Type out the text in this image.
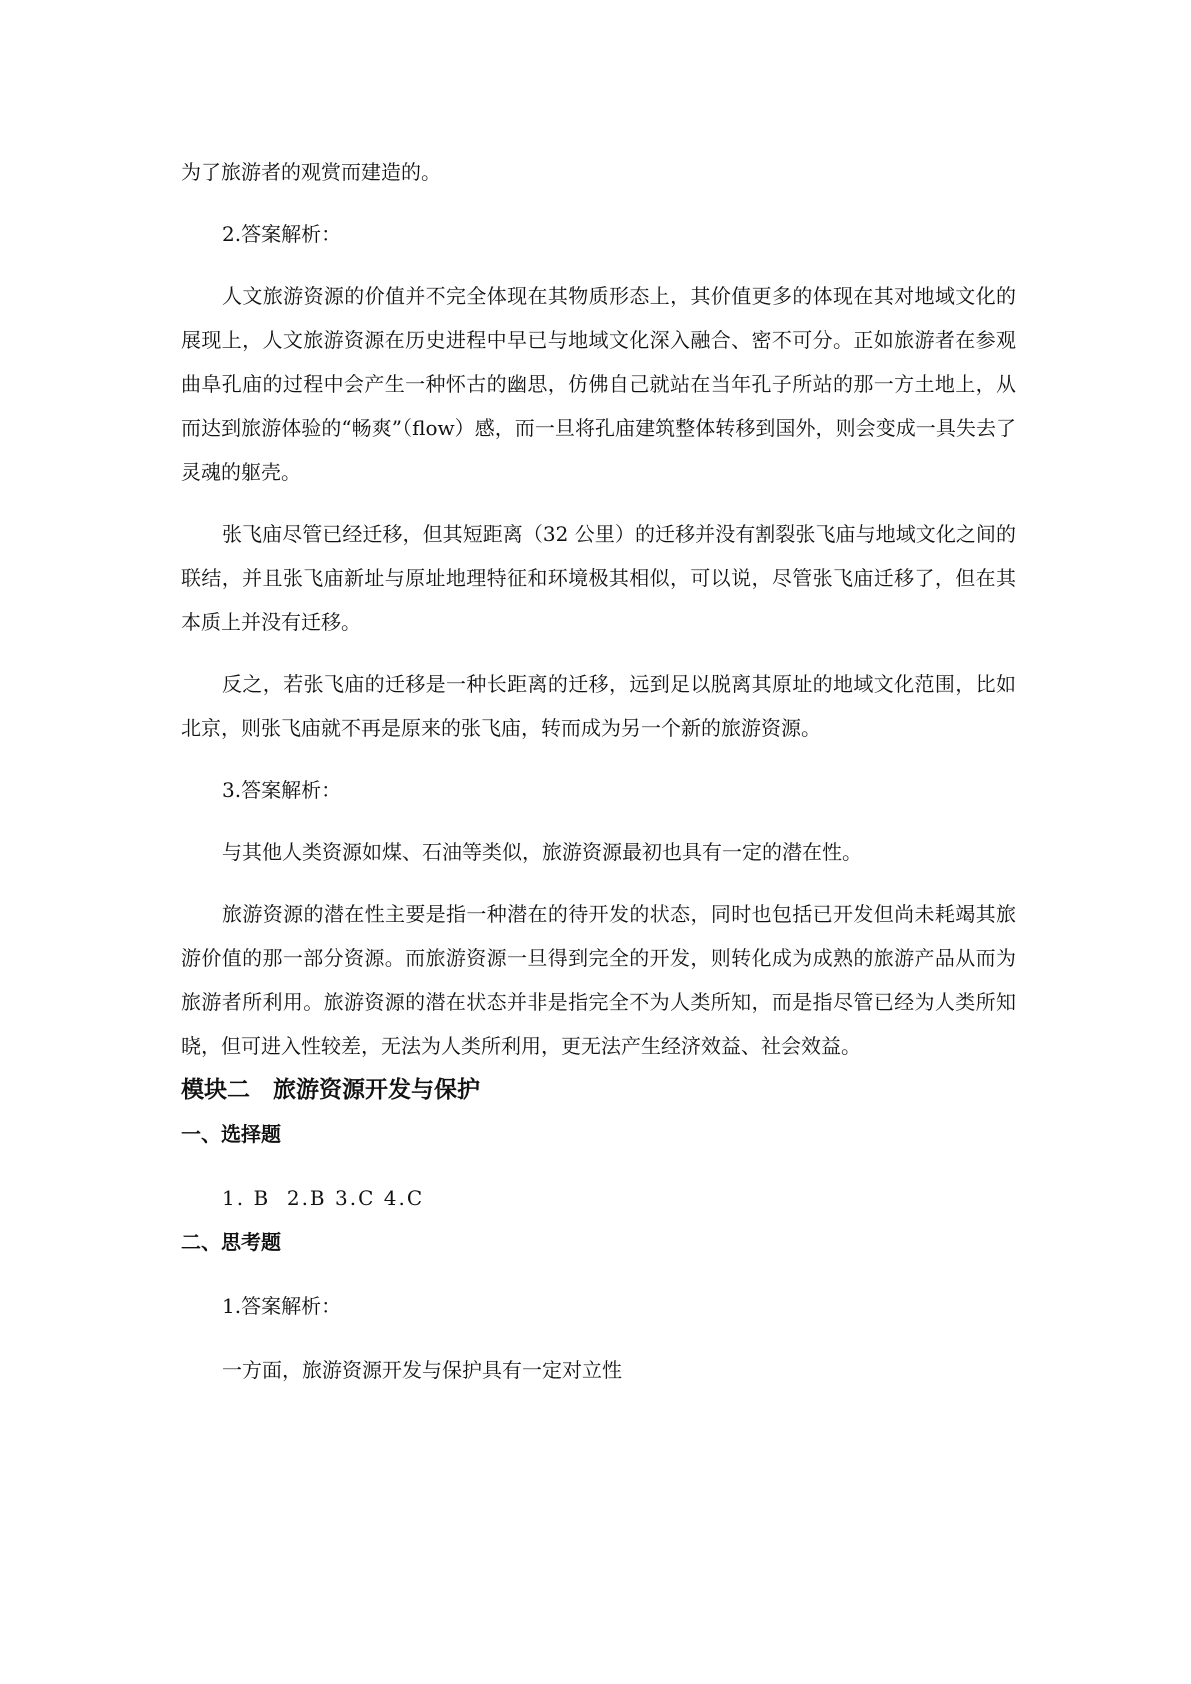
为了旅游者的观赏而建造的。

2.答案解析：

人文旅游资源的价值并不完全体现在其物质形态上，其价值更多的体现在其对地域文化的展现上，人文旅游资源在历史进程中早已与地域文化深入融合、密不可分。正如旅游者在参观曲阜孔庙的过程中会产生一种怀古的幽思，仿佛自己就站在当年孔子所站的那一方土地上，从而达到旅游体验的“畅爽”（flow）感，而一旦将孔庙建筑整体转移到国外，则会变成一具失去了灵魂的躯壳。

张飞庙尽管已经迁移，但其短距离（32 公里）的迁移并没有割裂张飞庙与地域文化之间的联结，并且张飞庙新址与原址地理特征和环境极其相似，可以说，尽管张飞庙迁移了，但在其本质上并没有迁移。

反之，若张飞庙的迁移是一种长距离的迁移，远到足以脱离其原址的地域文化范围，比如北京，则张飞庙就不再是原来的张飞庙，转而成为另一个新的旅游资源。

3.答案解析：

与其他人类资源如煤、石油等类似，旅游资源最初也具有一定的潜在性。

旅游资源的潜在性主要是指一种潜在的待开发的状态，同时也包括已开发但尚未耗竭其旅游价值的那一部分资源。而旅游资源一旦得到完全的开发，则转化成为成熟的旅游产品从而为旅游者所利用。旅游资源的潜在状态并非是指完全不为人类所知，而是指尽管已经为人类所知晓，但可进入性较差，无法为人类所利用，更无法产生经济效益、社会效益。

模块二　旅游资源开发与保护
一、选择题

1. B  2.B 3.C 4.C

二、思考题

1.答案解析：

一方面，旅游资源开发与保护具有一定对立性
